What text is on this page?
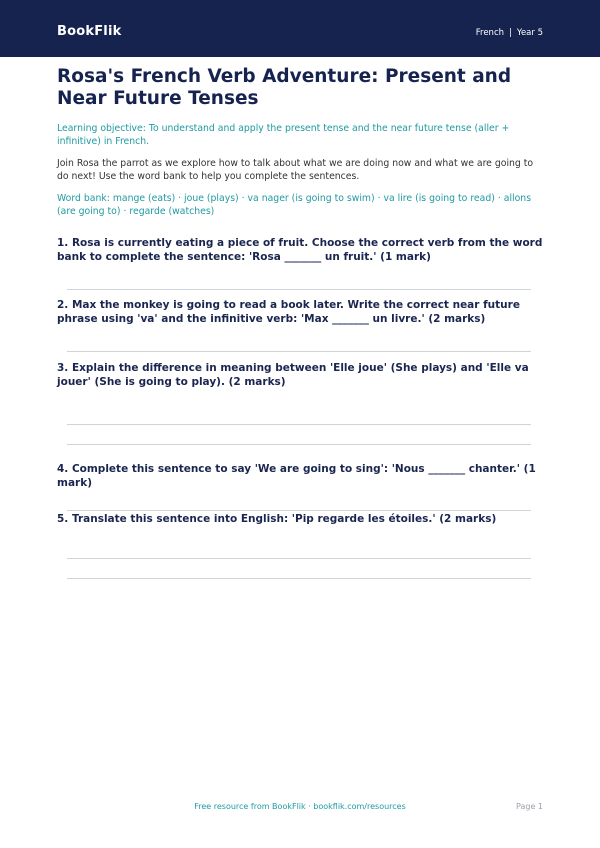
BookFlik	French | Year 5
Rosa's French Verb Adventure: Present and Near Future Tenses

Learning objective: To understand and apply the present tense and the near future tense (aller + infinitive) in French.

Join Rosa the parrot as we explore how to talk about what we are doing now and what we are going to do next! Use the word bank to help you complete the sentences.

Word bank: mange (eats) · joue (plays) · va nager (is going to swim) · va lire (is going to read) · allons (are going to) · regarde (watches)

1. Rosa is currently eating a piece of fruit. Choose the correct verb from the word bank to complete the sentence: 'Rosa _______ un fruit.' (1 mark)

2. Max the monkey is going to read a book later. Write the correct near future phrase using 'va' and the infinitive verb: 'Max _______ un livre.' (2 marks)

3. Explain the difference in meaning between 'Elle joue' (She plays) and 'Elle va jouer' (She is going to play). (2 marks)

4. Complete this sentence to say 'We are going to sing': 'Nous _______ chanter.' (1 mark)

5. Translate this sentence into English: 'Pip regarde les étoiles.' (2 marks)

Free resource from BookFlik · bookflik.com/resources	Page 1
